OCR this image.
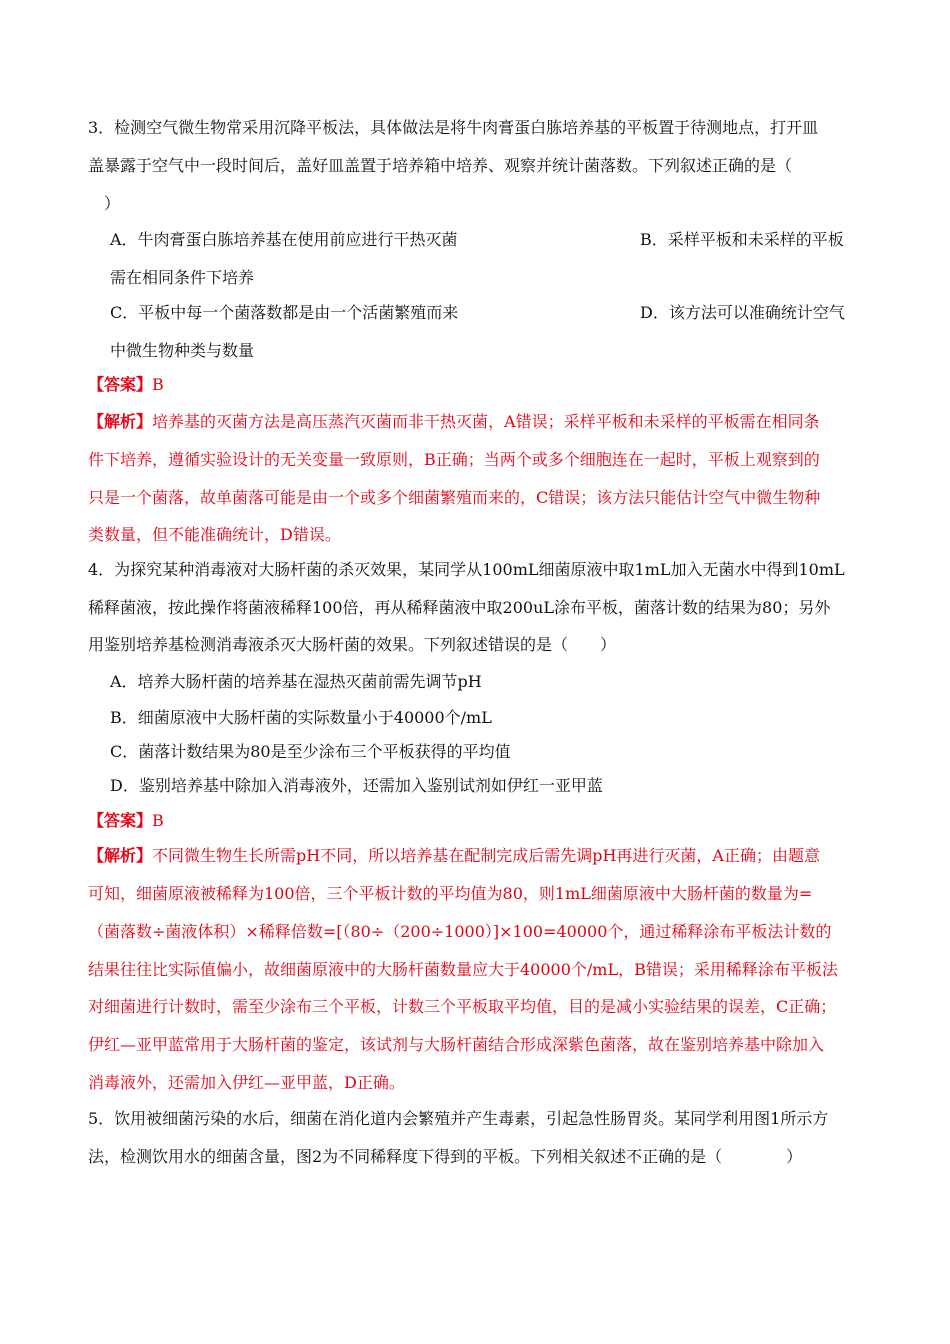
3．检测空气微生物常采用沉降平板法，具体做法是将牛肉膏蛋白胨培养基的平板置于待测地点，打开皿
盖暴露于空气中一段时间后，盖好皿盖置于培养箱中培养、观察并统计菌落数。下列叙述正确的是（
）
A．牛肉膏蛋白胨培养基在使用前应进行干热灭菌	B．采样平板和未采样的平板
需在相同条件下培养
C．平板中每一个菌落数都是由一个活菌繁殖而来	D．该方法可以准确统计空气
中微生物种类与数量
【答案】B
【解析】培养基的灭菌方法是高压蒸汽灭菌而非干热灭菌，A错误；采样平板和未采样的平板需在相同条
件下培养，遵循实验设计的无关变量一致原则，B正确；当两个或多个细胞连在一起时，平板上观察到的
只是一个菌落，故单菌落可能是由一个或多个细菌繁殖而来的，C错误；该方法只能估计空气中微生物种
类数量，但不能准确统计，D错误。
4．为探究某种消毒液对大肠杆菌的杀灭效果，某同学从100mL细菌原液中取1mL加入无菌水中得到10mL
稀释菌液，按此操作将菌液稀释100倍，再从稀释菌液中取200uL涂布平板，菌落计数的结果为80；另外
用鉴别培养基检测消毒液杀灭大肠杆菌的效果。下列叙述错误的是（　　）
A．培养大肠杆菌的培养基在湿热灭菌前需先调节pH
B．细菌原液中大肠杆菌的实际数量小于40000个/mL
C．菌落计数结果为80是至少涂布三个平板获得的平均值
D．鉴别培养基中除加入消毒液外，还需加入鉴别试剂如伊红一亚甲蓝
【答案】B
【解析】不同微生物生长所需pH不同，所以培养基在配制完成后需先调pH再进行灭菌，A正确；由题意
可知，细菌原液被稀释为100倍，三个平板计数的平均值为80，则1mL细菌原液中大肠杆菌的数量为=
（菌落数÷菌液体积）×稀释倍数=[（80÷（200÷1000）]×100=40000个，通过稀释涂布平板法计数的
结果往往比实际值偏小，故细菌原液中的大肠杆菌数量应大于40000个/mL，B错误；采用稀释涂布平板法
对细菌进行计数时，需至少涂布三个平板，计数三个平板取平均值，目的是减小实验结果的误差，C正确；
伊红—亚甲蓝常用于大肠杆菌的鉴定，该试剂与大肠杆菌结合形成深紫色菌落，故在鉴别培养基中除加入
消毒液外，还需加入伊红—亚甲蓝，D正确。
5．饮用被细菌污染的水后，细菌在消化道内会繁殖并产生毒素，引起急性肠胃炎。某同学利用图1所示方
法，检测饮用水的细菌含量，图2为不同稀释度下得到的平板。下列相关叙述不正确的是（　　　　）
